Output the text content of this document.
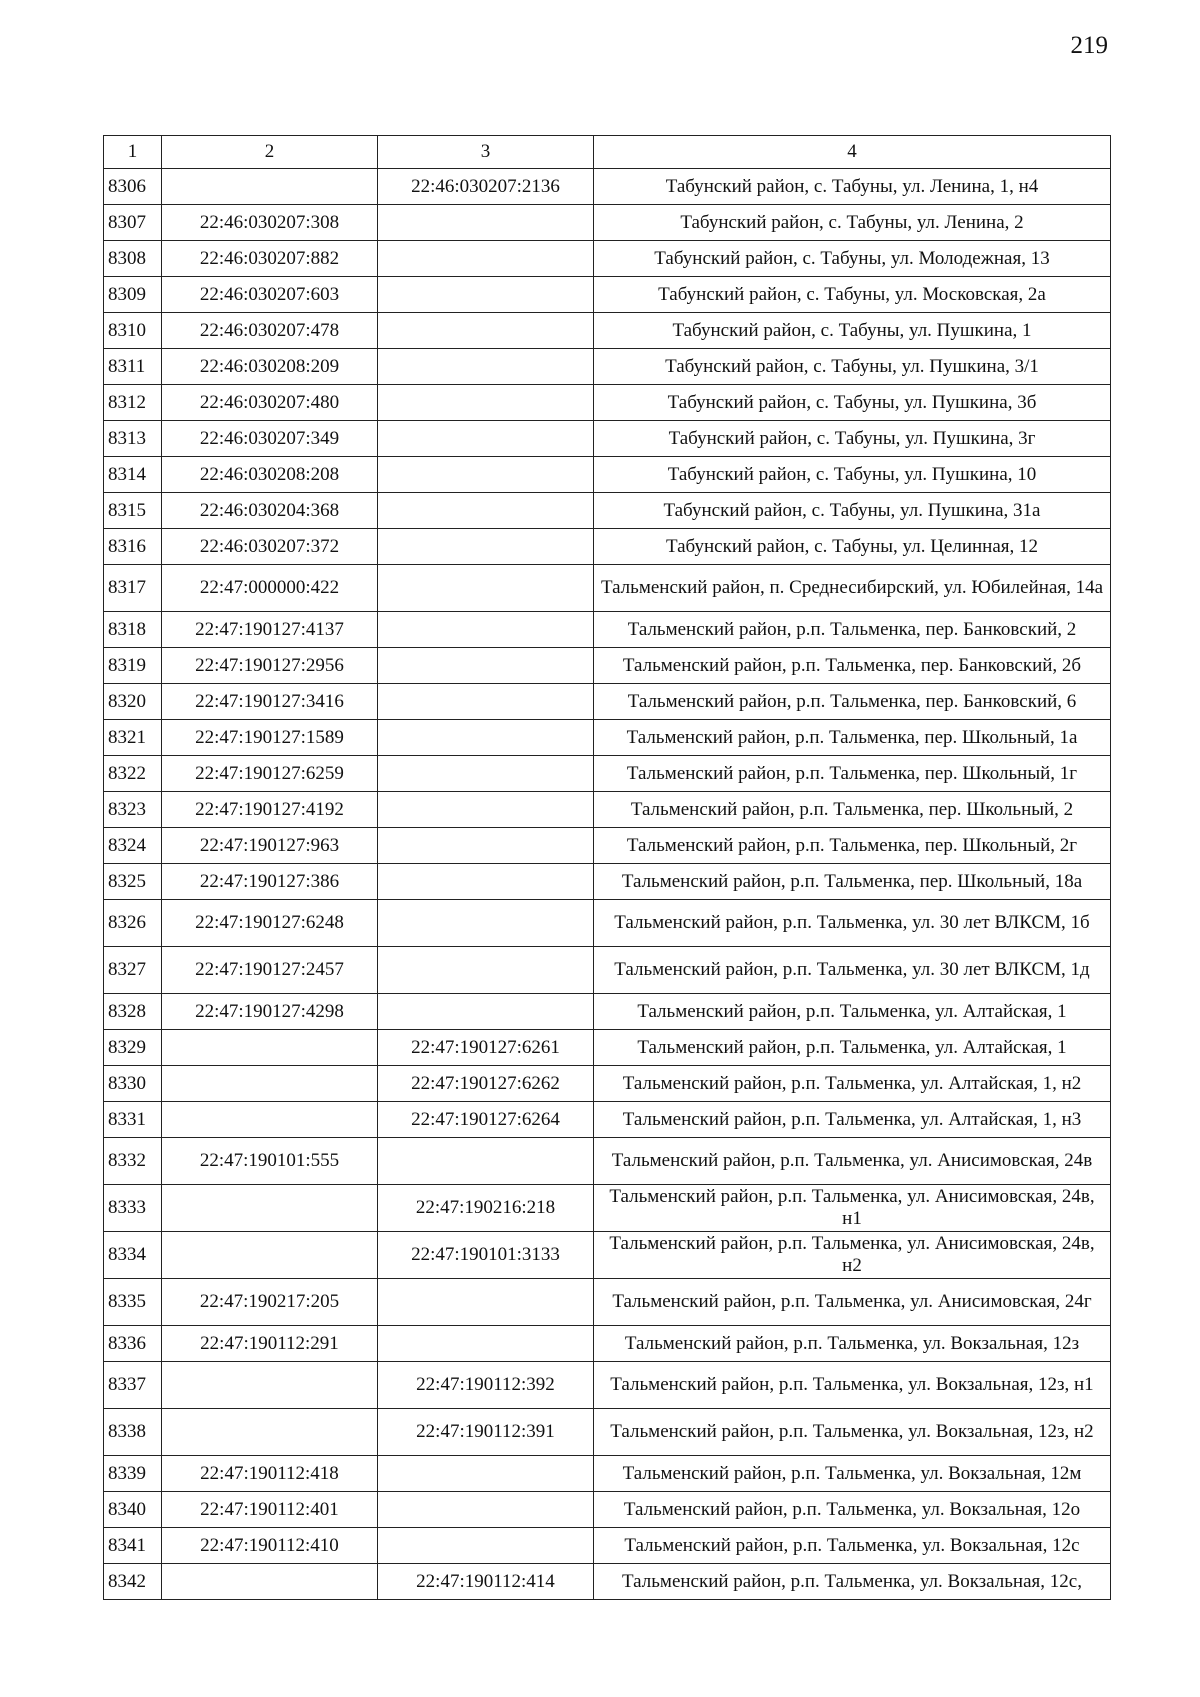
219
1	2	3	4
8306		22:46:030207:2136	Табунский район, с. Табуны, ул. Ленина, 1, н4
8307	22:46:030207:308		Табунский район, с. Табуны, ул. Ленина, 2
8308	22:46:030207:882		Табунский район, с. Табуны, ул. Молодежная, 13
8309	22:46:030207:603		Табунский район, с. Табуны, ул. Московская, 2а
8310	22:46:030207:478		Табунский район, с. Табуны, ул. Пушкина, 1
8311	22:46:030208:209		Табунский район, с. Табуны, ул. Пушкина, 3/1
8312	22:46:030207:480		Табунский район, с. Табуны, ул. Пушкина, 3б
8313	22:46:030207:349		Табунский район, с. Табуны, ул. Пушкина, 3г
8314	22:46:030208:208		Табунский район, с. Табуны, ул. Пушкина, 10
8315	22:46:030204:368		Табунский район, с. Табуны, ул. Пушкина, 31а
8316	22:46:030207:372		Табунский район, с. Табуны, ул. Целинная, 12
8317	22:47:000000:422		Тальменский район, п. Среднесибирский, ул. Юбилейная, 14а
8318	22:47:190127:4137		Тальменский район, р.п. Тальменка, пер. Банковский, 2
8319	22:47:190127:2956		Тальменский район, р.п. Тальменка, пер. Банковский, 2б
8320	22:47:190127:3416		Тальменский район, р.п. Тальменка, пер. Банковский, 6
8321	22:47:190127:1589		Тальменский район, р.п. Тальменка, пер. Школьный, 1а
8322	22:47:190127:6259		Тальменский район, р.п. Тальменка, пер. Школьный, 1г
8323	22:47:190127:4192		Тальменский район, р.п. Тальменка, пер. Школьный, 2
8324	22:47:190127:963		Тальменский район, р.п. Тальменка, пер. Школьный, 2г
8325	22:47:190127:386		Тальменский район, р.п. Тальменка, пер. Школьный, 18а
8326	22:47:190127:6248		Тальменский район, р.п. Тальменка, ул. 30 лет ВЛКСМ, 1б
8327	22:47:190127:2457		Тальменский район, р.п. Тальменка, ул. 30 лет ВЛКСМ, 1д
8328	22:47:190127:4298		Тальменский район, р.п. Тальменка, ул. Алтайская, 1
8329		22:47:190127:6261	Тальменский район, р.п. Тальменка, ул. Алтайская, 1
8330		22:47:190127:6262	Тальменский район, р.п. Тальменка, ул. Алтайская, 1, н2
8331		22:47:190127:6264	Тальменский район, р.п. Тальменка, ул. Алтайская, 1, н3
8332	22:47:190101:555		Тальменский район, р.п. Тальменка, ул. Анисимовская, 24в
8333		22:47:190216:218	Тальменский район, р.п. Тальменка, ул. Анисимовская, 24в, н1
8334		22:47:190101:3133	Тальменский район, р.п. Тальменка, ул. Анисимовская, 24в, н2
8335	22:47:190217:205		Тальменский район, р.п. Тальменка, ул. Анисимовская, 24г
8336	22:47:190112:291		Тальменский район, р.п. Тальменка, ул. Вокзальная, 12з
8337		22:47:190112:392	Тальменский район, р.п. Тальменка, ул. Вокзальная, 12з, н1
8338		22:47:190112:391	Тальменский район, р.п. Тальменка, ул. Вокзальная, 12з, н2
8339	22:47:190112:418		Тальменский район, р.п. Тальменка, ул. Вокзальная, 12м
8340	22:47:190112:401		Тальменский район, р.п. Тальменка, ул. Вокзальная, 12о
8341	22:47:190112:410		Тальменский район, р.п. Тальменка, ул. Вокзальная, 12с
8342		22:47:190112:414	Тальменский район, р.п. Тальменка, ул. Вокзальная, 12с,
